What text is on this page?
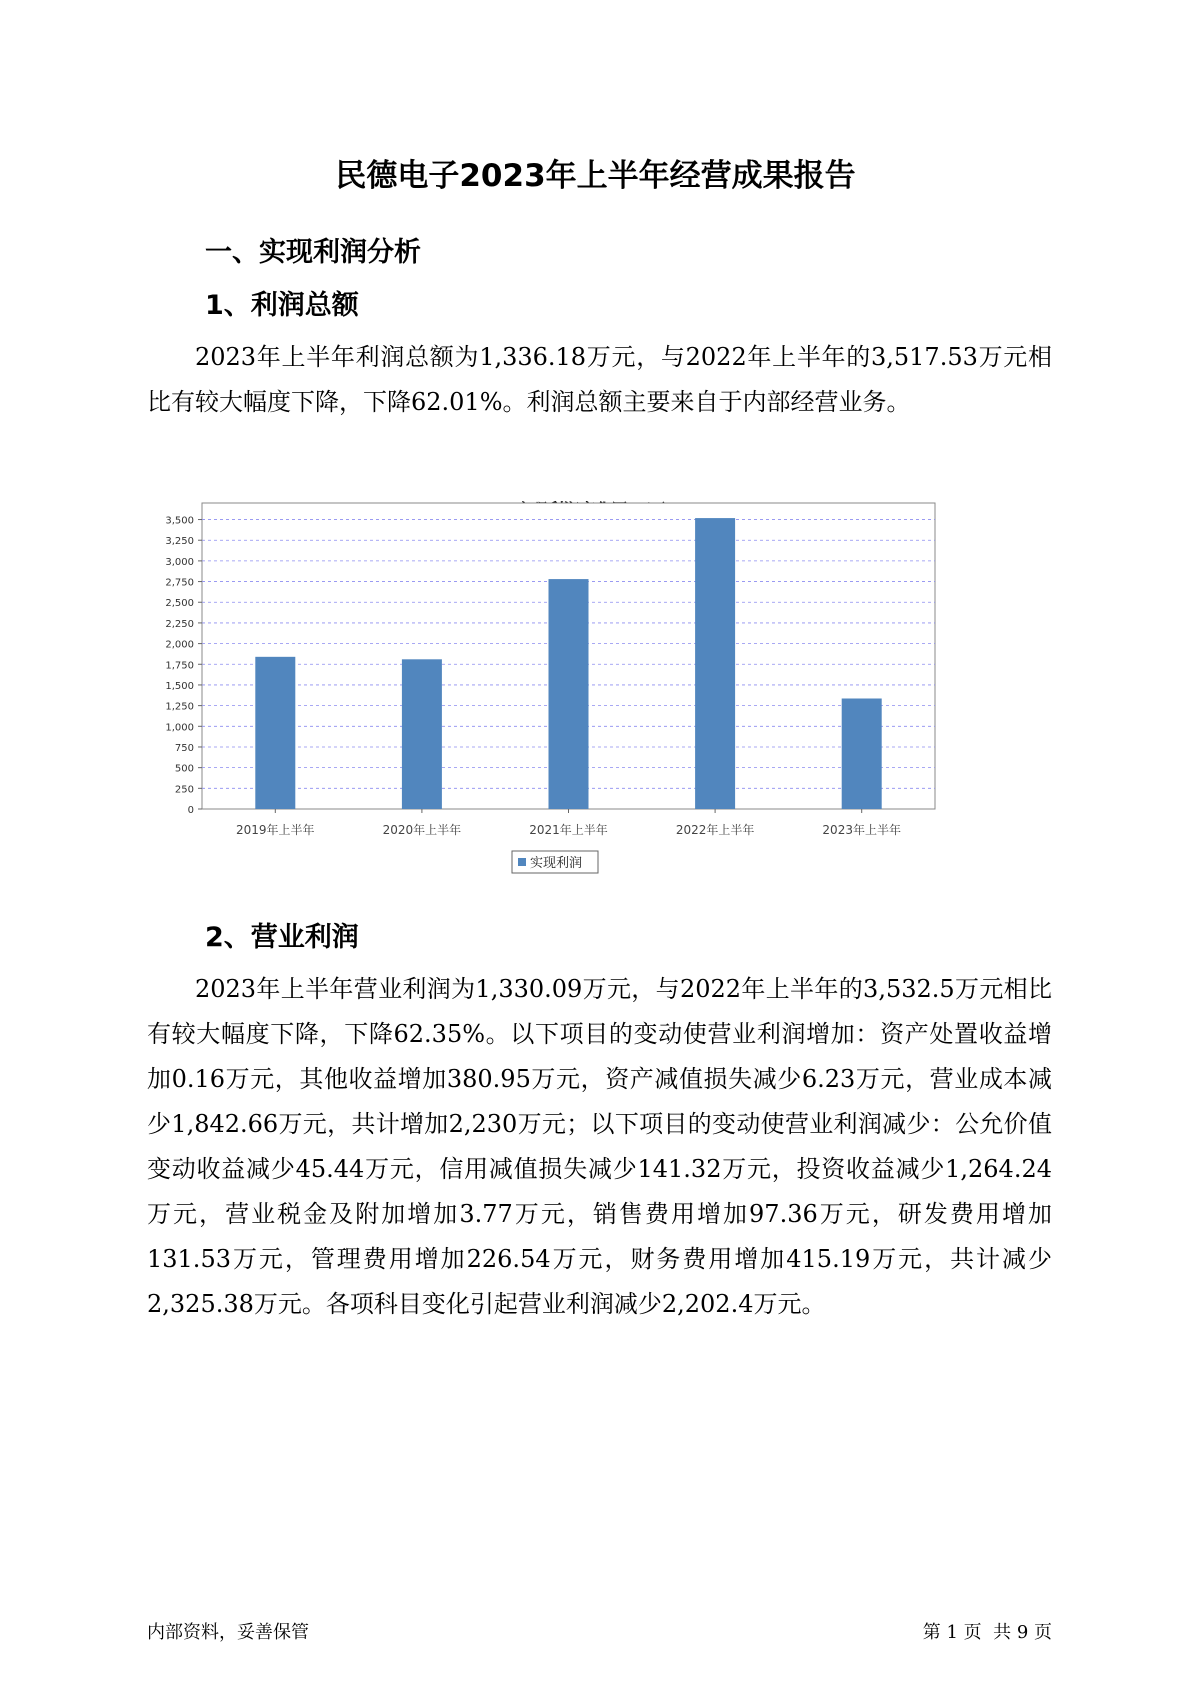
民德电子2023年上半年经营成果报告
一、实现利润分析
1、利润总额
2023年上半年利润总额为1,336.18万元，与2022年上半年的3,517.53万元相比有较大幅度下降，下降62.01%。利润总额主要来自于内部经营业务。
0
250
500
750
1,000
1,250
1,500
1,750
2,000
2,250
2,500
2,750
3,000
3,250
3,500
2019年上半年	2020年上半年	2021年上半年	2022年上半年	2023年上半年
实现利润
2、营业利润
2023年上半年营业利润为1,330.09万元，与2022年上半年的3,532.5万元相比有较大幅度下降，下降62.35%。以下项目的变动使营业利润增加：资产处置收益增加0.16万元，其他收益增加380.95万元，资产减值损失减少6.23万元，营业成本减少1,842.66万元，共计增加2,230万元；以下项目的变动使营业利润减少：公允价值变动收益减少45.44万元，信用减值损失减少141.32万元，投资收益减少1,264.24万元，营业税金及附加增加3.77万元，销售费用增加97.36万元，研发费用增加131.53万元，管理费用增加226.54万元，财务费用增加415.19万元，共计减少2,325.38万元。各项科目变化引起营业利润减少2,202.4万元。
内部资料，妥善保管	第 1 页  共 9 页
